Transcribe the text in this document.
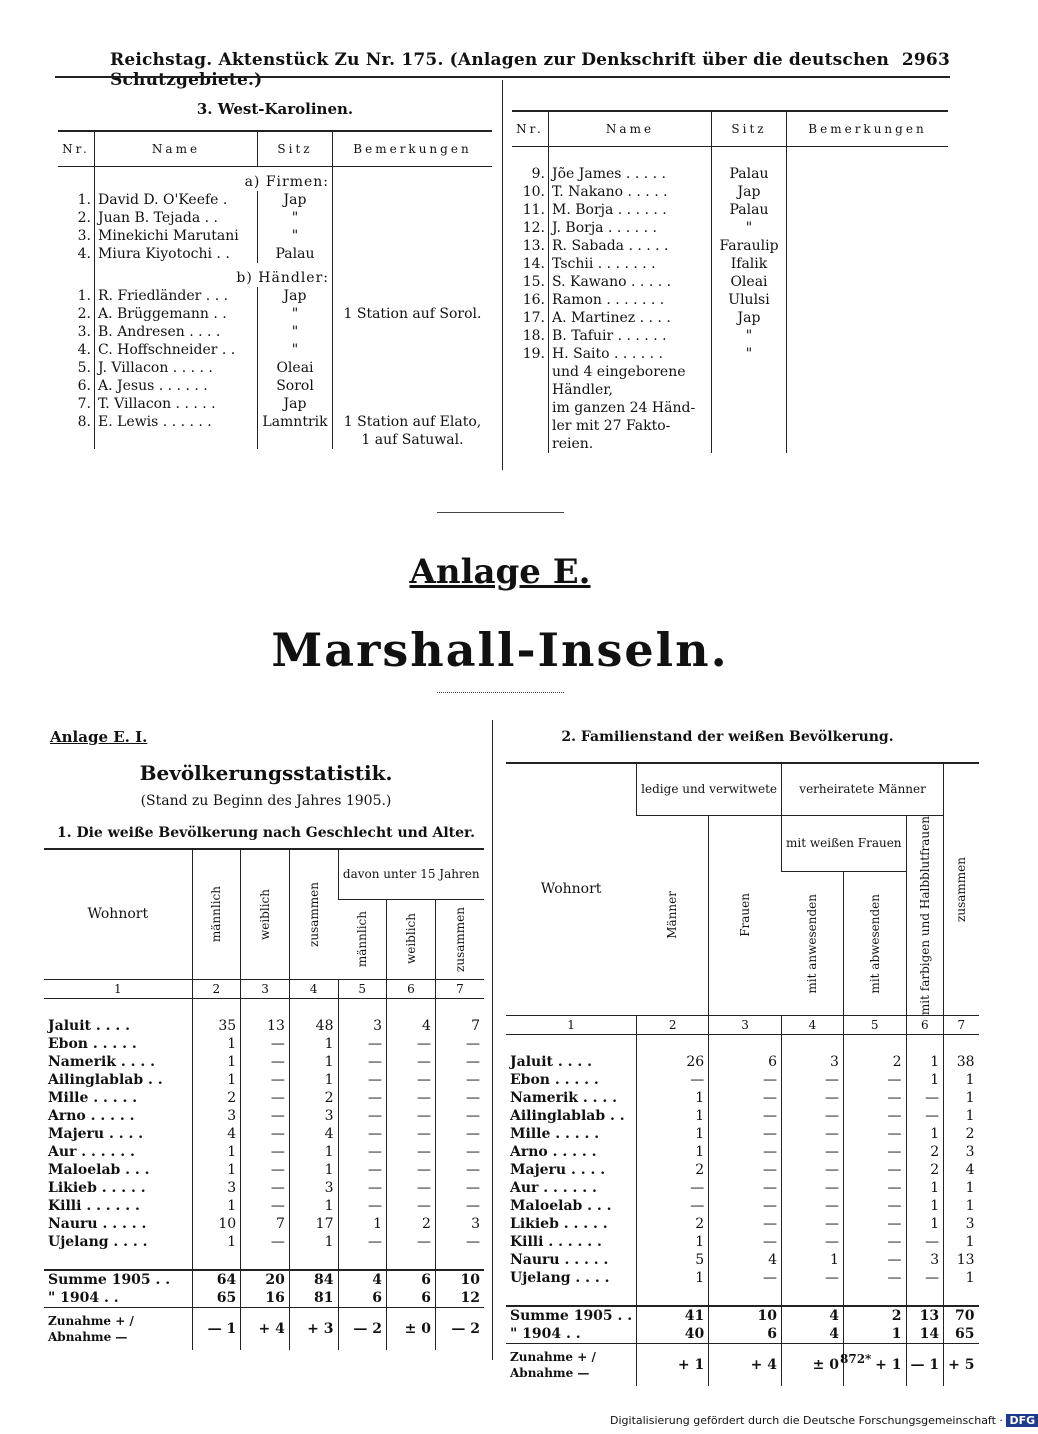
Reichstag. Aktenstück Zu Nr. 175. (Anlagen zur Denkschrift über die deutschen Schutzgebiete.)
2963
3. West-Karolinen.
Nr.	Name	Sitz	Bemerkungen
	a) Firmen:		
1.	David D. O'Keefe .	Jap	
2.	Juan B. Tejada . .	"	
3.	Minekichi Marutani	"	
4.	Miura Kiyotochi . .	Palau	
	b) Händler:		
1.	R. Friedländer . . .	Jap	
2.	A. Brüggemann . .	"	1 Station auf Sorol.
3.	B. Andresen . . . .	"	
4.	C. Hoffschneider . .	"	
5.	J. Villacon . . . . .	Oleai	
6.	A. Jesus . . . . . .	Sorol	
7.	T. Villacon . . . . .	Jap	
8.	E. Lewis . . . . . .	Lamntrik	1 Station auf Elato,
			1 auf Satuwal.
Nr.	Name	Sitz	Bemerkungen

9.	Jõe James . . . . .	Palau	
10.	T. Nakano . . . . .	Jap	
11.	M. Borja . . . . . .	Palau	
12.	J. Borja . . . . . .	"	
13.	R. Sabada . . . . .	Faraulip	
14.	Tschii . . . . . . .	Ifalik	
15.	S. Kawano . . . . .	Oleai	
16.	Ramon . . . . . . .	Ululsi	
17.	A. Martinez . . . .	Jap	
18.	B. Tafuir . . . . . .	"	
19.	H. Saito . . . . . .	"	
	und 4 eingeborene		
	Händler,		
	im ganzen 24 Händ-		
	ler mit 27 Fakto-		
	reien.		
Anlage E.
Marshall-Inseln.
Anlage E. I.
Bevölkerungsstatistik.
(Stand zu Beginn des Jahres 1905.)
1. Die weiße Bevölkerung nach Geschlecht und Alter.
Wohnort	männlich	weiblich	zusammen	davon unter 15 Jahren		

				männlich	weiblich	zusammen

1	2	3	4	5	6	7

Jaluit . . . .	35	13	48	3	4	7
Ebon . . . . .	1	—	1	—	—	—
Namerik . . . .	1	—	1	—	—	—
Ailinglablab . .	1	—	1	—	—	—
Mille . . . . .	2	—	2	—	—	—
Arno . . . . .	3	—	3	—	—	—
Majeru . . . .	4	—	4	—	—	—
Aur . . . . . .	1	—	1	—	—	—
Maloelab . . .	1	—	1	—	—	—
Likieb . . . . .	3	—	3	—	—	—
Killi . . . . . .	1	—	1	—	—	—
Nauru . . . . .	10	7	17	1	2	3
Ujelang . . . .	1	—	1	—	—	—

Summe 1905 . .	64	20	84	4	6	10
" 1904 . .	65	16	81	6	6	12
Zunahme + / Abnahme —	— 1	+ 4	+ 3	— 2	± 0	— 2
2. Familienstand der weißen Bevölkerung.
Wohnort	ledige und verwitwete		verheiratete Männer			zusammen

	Männer	Frauen	mit weißen Frauen		mit farbigen und Halbblutfrauen	

			mit anwesenden	mit abwesenden		

1	2	3	4	5	6	7

Jaluit . . . .	26	6	3	2	1	38
Ebon . . . . .	—	—	—	—	1	1
Namerik . . . .	1	—	—	—	—	1
Ailinglablab . .	1	—	—	—	—	1
Mille . . . . .	1	—	—	—	1	2
Arno . . . . .	1	—	—	—	2	3
Majeru . . . .	2	—	—	—	2	4
Aur . . . . . .	—	—	—	—	1	1
Maloelab . . .	—	—	—	—	1	1
Likieb . . . . .	2	—	—	—	1	3
Killi . . . . . .	1	—	—	—	—	1
Nauru . . . . .	5	4	1	—	3	13
Ujelang . . . .	1	—	—	—	—	1

Summe 1905 . .	41	10	4	2	13	70
" 1904 . .	40	6	4	1	14	65
Zunahme + / Abnahme —	+ 1	+ 4	± 0	+ 1	— 1	+ 5
872*
Digitalisierung gefördert durch die Deutsche Forschungsgemeinschaft · DFG
